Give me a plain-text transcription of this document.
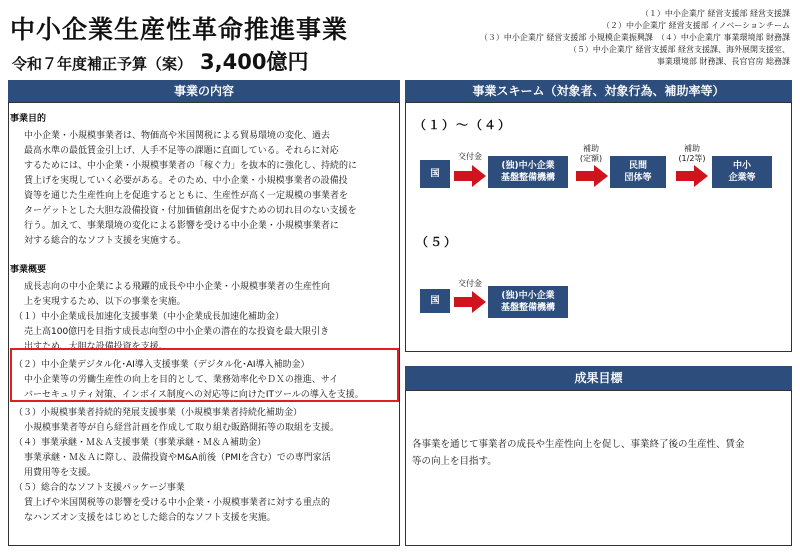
中小企業生産性革命推進事業
令和７年度補正予算（案） 3,400億円
（１）中小企業庁 経営支援部 経営支援課
（２）中小企業庁 経営支援部 イノベーションチーム
（３）中小企業庁 経営支援部 小規模企業振興課　（４）中小企業庁 事業環境部 財務課
（５）中小企業庁 経営支援部 経営支援課、海外展開支援室、
事業環境部 財務課、長官官房 総務課
事業の内容
事業目的
中小企業・小規模事業者は、物価高や米国関税による貿易環境の変化、過去
最高水準の最低賃金引上げ、人手不足等の課題に直面している。それらに対応
するためには、中小企業・小規模事業者の「稼ぐ力」を抜本的に強化し、持続的に
賃上げを実現していく必要がある。そのため、中小企業・小規模事業者の設備投
資等を通じた生産性向上を促進するとともに、生産性が高く一定規模の事業者を
ターゲットとした大胆な設備投資・付加価値創出を促すための切れ目のない支援を
行う。加えて、事業環境の変化による影響を受ける中小企業・小規模事業者に
対する総合的なソフト支援を実施する。
事業概要
成長志向の中小企業による飛躍的成長や中小企業・小規模事業者の生産性向
上を実現するため、以下の事業を実施。
（１）中小企業成長加速化支援事業（中小企業成長加速化補助金）
売上高100億円を目指す成長志向型の中小企業の潜在的な投資を最大限引き
出すため、大胆な設備投資を支援。
（２）中小企業デジタル化･AI導入支援事業（デジタル化･AI導入補助金）
中小企業等の労働生産性の向上を目的として、業務効率化やＤＸの推進、サイ
バーセキュリティ対策、インボイス制度への対応等に向けたITツールの導入を支援。
（３）小規模事業者持続的発展支援事業（小規模事業者持続化補助金）
小規模事業者等が自ら経営計画を作成して取り組む販路開拓等の取組を支援。
（４）事業承継・Ｍ＆Ａ支援事業（事業承継・Ｍ＆Ａ補助金）
事業承継・Ｍ＆Ａに際し、設備投資やM&A前後（PMIを含む）での専門家活
用費用等を支援。
（５）総合的なソフト支援パッケージ事業
賃上げや米国関税等の影響を受ける中小企業・小規模事業者に対する重点的
なハンズオン支援をはじめとした総合的なソフト支援を実施。
事業スキーム（対象者、対象行為、補助率等）
（１）～（４）
国
交付金
(独)中小企業
基盤整備機構
補助
(定額)
民間
団体等
補助
(1/2等)
中小
企業等
（５）
国
交付金
(独)中小企業
基盤整備機構
成果目標
各事業を通じて事業者の成長や生産性向上を促し、事業終了後の生産性、賃金
等の向上を目指す。
